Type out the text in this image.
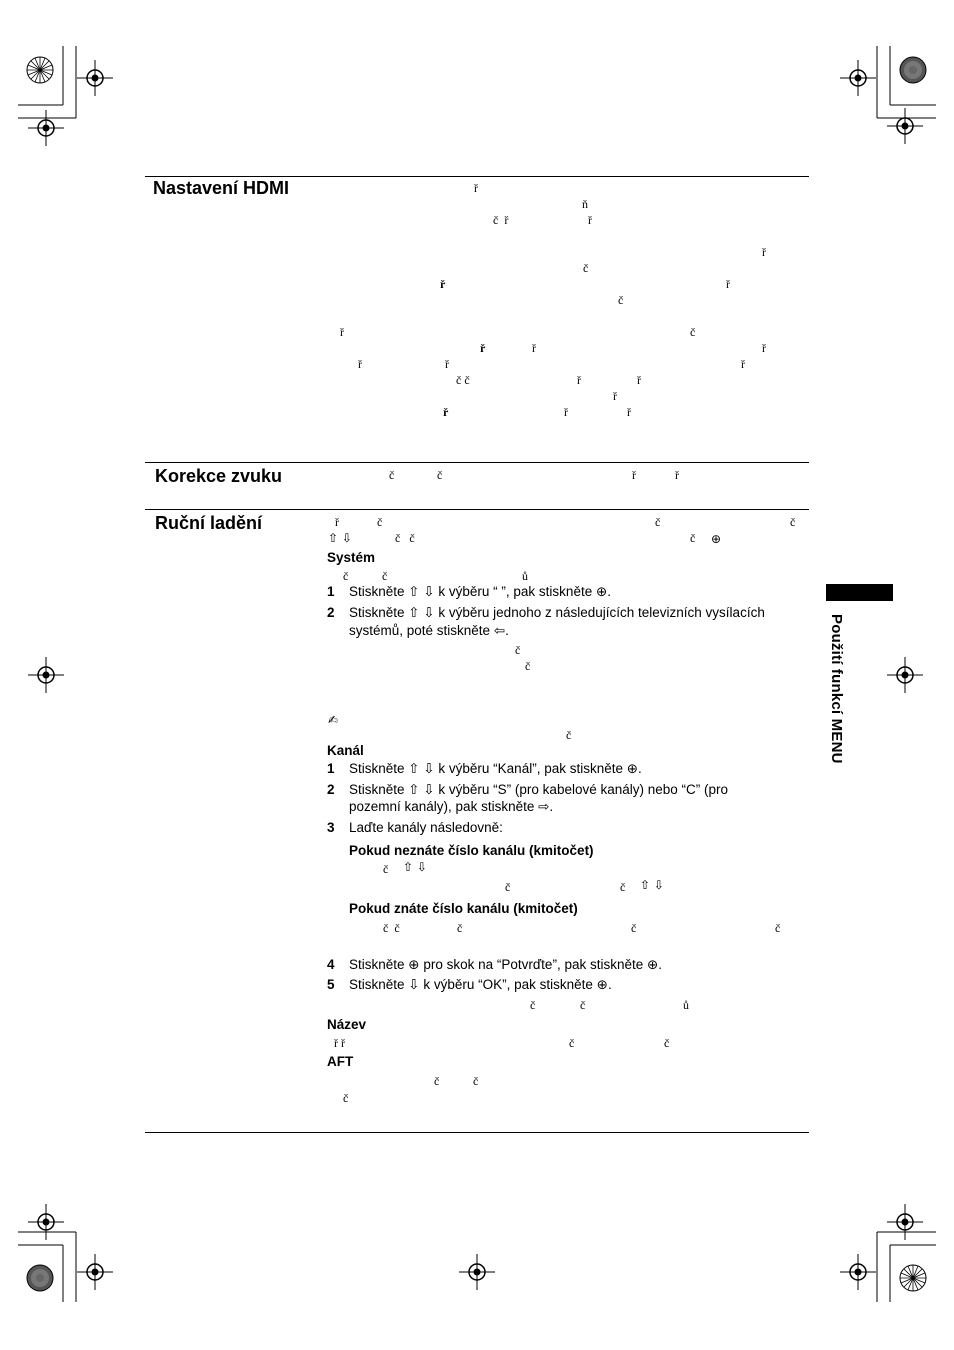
Použití funkcí MENU
Nastavení HDMI	ř
ň
č  ř	ř
ř
č
ř	ř
č
ř	č
ř	ř	ř
ř	ř	ř
č č	ř	ř
ř
ř	ř	ř
Korekce zvuku	č	č	ř	ř
Ruční ladění	ř	č	č	č
⇧ ⇩	č   č	č ⊕
Systém
č	č	ů
1 Stiskněte ⇧ ⇩ k výběru “ ”, pak stiskněte ⊕.
2 Stiskněte ⇧ ⇩ k výběru jednoho z následujících televizních vysílacích
systémů, poté stiskněte ⇦.
č
č
✍
č
Kanál
1 Stiskněte ⇧ ⇩ k výběru “Kanál”, pak stiskněte ⊕.
2 Stiskněte ⇧ ⇩ k výběru “S” (pro kabelové kanály) nebo “C” (pro
pozemní kanály), pak stiskněte ⇨.
3 Laďte kanály následovně:
Pokud neznáte číslo kanálu (kmitočet)
č ⇧ ⇩
č	č ⇧ ⇩
Pokud znáte číslo kanálu (kmitočet)
č  č	č	č	č
4 Stiskněte ⊕ pro skok na “Potvrďte”, pak stiskněte ⊕.
5 Stiskněte ⇩ k výběru “OK”, pak stiskněte ⊕.
č	č	ů
Název
ř ř	č	č
AFT
č	č
č
